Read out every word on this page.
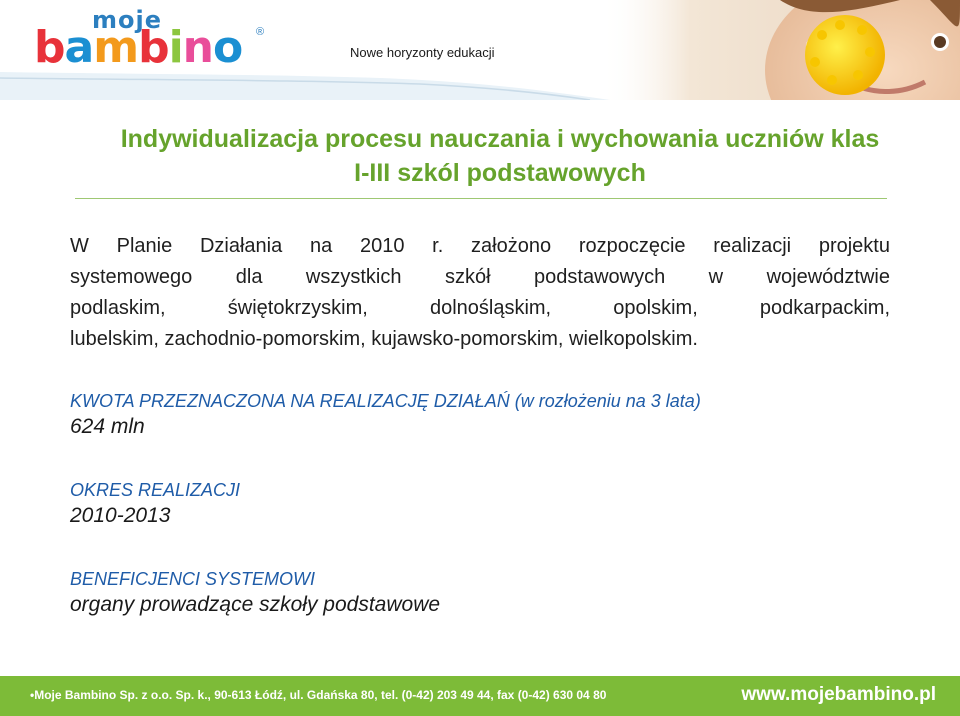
moje
bambino ®
Nowe horyzonty edukacji
Indywidualizacja procesu nauczania i wychowania uczniów klas
I-III szkól podstawowych

W Planie Działania na 2010 r. założono rozpoczęcie realizacji projektu
systemowego dla wszystkich szkół podstawowych w województwie
podlaskim, świętokrzyskim, dolnośląskim, opolskim, podkarpackim,
lubelskim, zachodnio-pomorskim, kujawsko-pomorskim, wielkopolskim.

KWOTA PRZEZNACZONA NA REALIZACJĘ DZIAŁAŃ (w rozłożeniu na 3 lata)
624 mln
OKRES REALIZACJI
2010-2013
BENEFICJENCI SYSTEMOWI
organy prowadzące szkoły podstawowe
•Moje Bambino Sp. z o.o. Sp. k., 90-613 Łódź, ul. Gdańska 80, tel. (0-42) 203 49 44, fax (0-42) 630 04 80	www.mojebambino.pl
